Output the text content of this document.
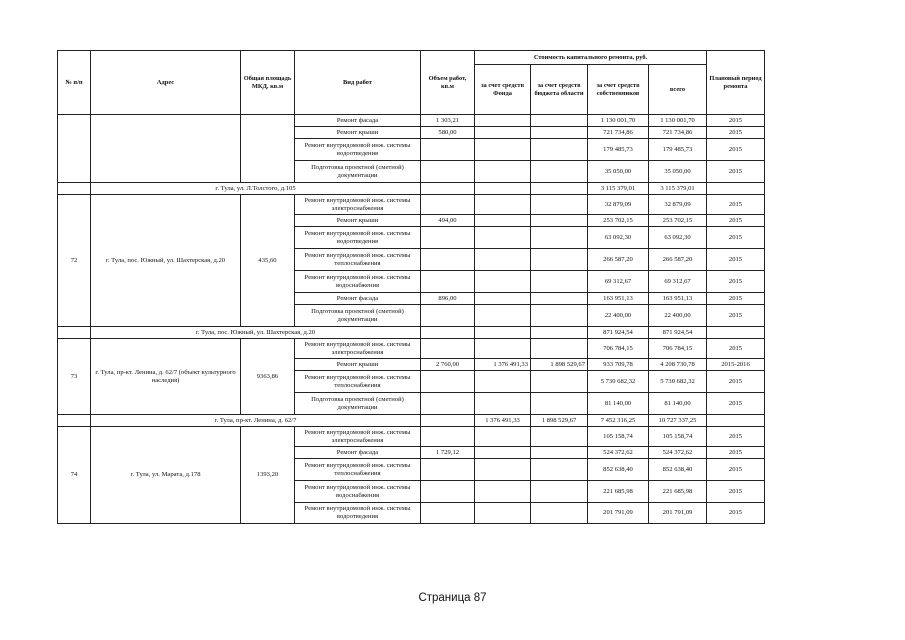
№ п/п	Адрес	Общая площадь МКД, кв.м	Вид работ	Объем работ, кв.м	Стоимость капитального ремонта, руб.				Плановый период ремонта
					за счет средств Фонда	за счет средств бюджета области	за счет средств собственников	всего	
			Ремонт фасада	1 303,21			1 130 001,70	1 130 001,70	2015
			Ремонт крыши	580,00			721 734,86	721 734,86	2015
			Ремонт внутридомовой инж. системы водоотведения				179 485,73	179 485,73	2015
			Подготовка проектной (сметной) документации				35 050,00	35 050,00	2015
	г. Тула, ул. Л.Толстого, д.105						3 115 379,01	3 115 379,01	
72	г. Тула, пос. Южный, ул. Шахтерская, д.20	435,60	Ремонт внутридомовой инж. системы электроснабжения				32 879,09	32 879,09	2015
			Ремонт крыши	494,00			253 702,15	253 702,15	2015
			Ремонт внутридомовой инж. системы водоотведения				63 092,30	63 092,30	2015
			Ремонт внутридомовой инж. системы теплоснабжения				266 587,20	266 587,20	2015
			Ремонт внутридомовой инж. системы водоснабжения				69 312,67	69 312,67	2015
			Ремонт фасада	896,00			163 951,13	163 951,13	2015
			Подготовка проектной (сметной) документации				22 400,00	22 400,00	2015
	г. Тула, пос. Южный, ул. Шахтерская, д.20						871 924,54	871 924,54	
73	г. Тула, пр-кт. Ленина, д. 62/7 (объект культурного наследия)	9363,86	Ремонт внутридомовой инж. системы электроснабжения				706 784,15	706 784,15	2015
			Ремонт крыши	2 760,00	1 376 491,33	1 898 529,67	933 709,78	4 208 730,78	2015-2016
			Ремонт внутридомовой инж. системы теплоснабжения				5 730 682,32	5 730 682,32	2015
			Подготовка проектной (сметной) документации				81 140,00	81 140,00	2015
	г. Тула, пр-кт. Ленина, д. 62/7				1 376 491,33	1 898 529,67	7 452 316,25	10 727 337,25	
74	г. Тула, ул. Марата, д.178	1393,20	Ремонт внутридомовой инж. системы электроснабжения				105 158,74	105 158,74	2015
			Ремонт фасада	1 729,12			524 372,62	524 372,62	2015
			Ремонт внутридомовой инж. системы теплоснабжения				852 638,40	852 638,40	2015
			Ремонт внутридомовой инж. системы водоснабжения				221 685,98	221 685,98	2015
			Ремонт внутридомовой инж. системы водоотведения				201 791,09	201 791,09	2015
Страница 87
